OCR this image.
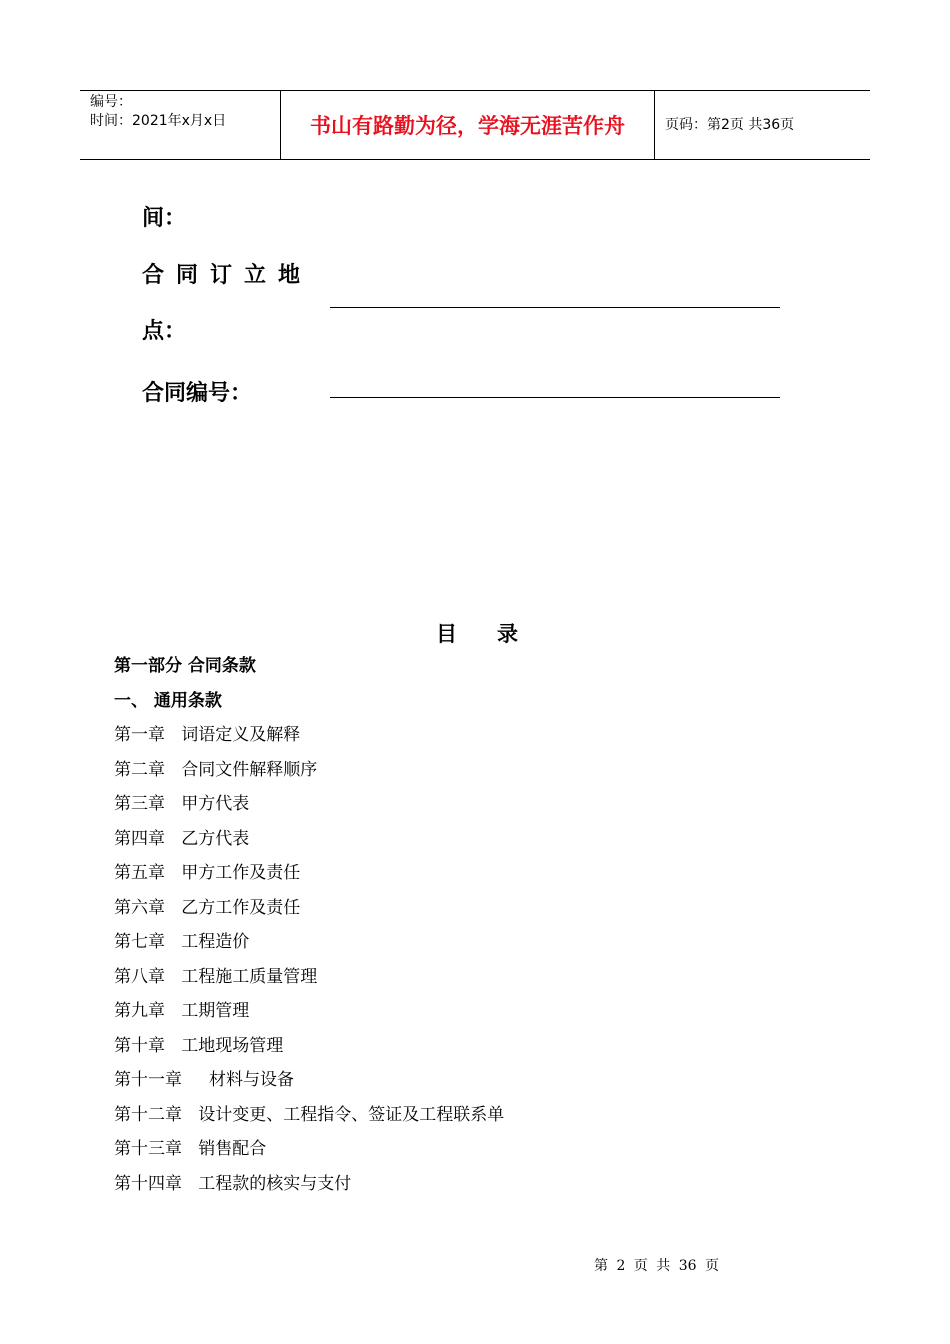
编号：
时间：2021年x月x日	书山有路勤为径，学海无涯苦作舟	页码：第2页 共36页
间：
合同订立地
点：
合同编号：
目录
第一部分 合同条款
一、 通用条款
第一章   词语定义及解释
第二章   合同文件解释顺序
第三章   甲方代表
第四章   乙方代表
第五章   甲方工作及责任
第六章   乙方工作及责任
第七章   工程造价
第八章   工程施工质量管理
第九章   工期管理
第十章   工地现场管理
第十一章     材料与设备
第十二章   设计变更、工程指令、签证及工程联系单
第十三章   销售配合
第十四章   工程款的核实与支付
第 2 页 共 36 页
